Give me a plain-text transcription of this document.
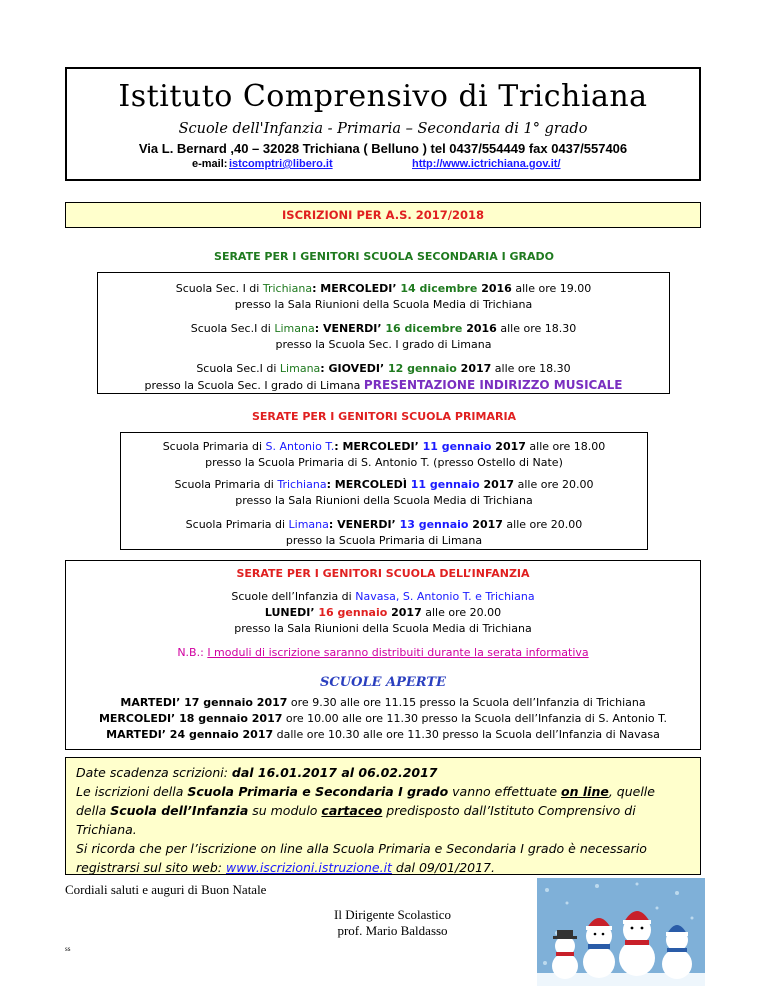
Istituto Comprensivo di Trichiana
Scuole dell'Infanzia - Primaria – Secondaria di 1° grado
Via L. Bernard ,40 – 32028 Trichiana ( Belluno ) tel 0437/554449 fax 0437/557406
e-mail: istcomptri@libero.it	http://www.ictrichiana.gov.it/
ISCRIZIONI PER A.S. 2017/2018
SERATE PER I GENITORI SCUOLA SECONDARIA I GRADO
Scuola Sec. I di Trichiana: MERCOLEDI’ 14 dicembre 2016 alle ore 19.00
presso la Sala Riunioni della Scuola Media di Trichiana
Scuola Sec.I di Limana: VENERDI’ 16 dicembre 2016 alle ore 18.30
presso la Scuola Sec. I grado di Limana
Scuola Sec.I di Limana: GIOVEDI’ 12 gennaio 2017 alle ore 18.30
presso la Scuola Sec. I grado di Limana PRESENTAZIONE INDIRIZZO MUSICALE
SERATE PER I GENITORI SCUOLA PRIMARIA
Scuola Primaria di S. Antonio T.: MERCOLEDI’ 11 gennaio 2017 alle ore 18.00
presso la Scuola Primaria di S. Antonio T. (presso Ostello di Nate)
Scuola Primaria di Trichiana: MERCOLEDÌ 11 gennaio 2017 alle ore 20.00
presso la Sala Riunioni della Scuola Media di Trichiana
Scuola Primaria di Limana: VENERDI’ 13 gennaio 2017 alle ore 20.00
presso la Scuola Primaria di Limana
SERATE PER I GENITORI SCUOLA DELL’INFANZIA
Scuole dell’Infanzia di Navasa, S. Antonio T. e Trichiana
LUNEDI’ 16 gennaio 2017 alle ore 20.00
presso la Sala Riunioni della Scuola Media di Trichiana
N.B.: I moduli di iscrizione saranno distribuiti durante la serata informativa
SCUOLE APERTE
MARTEDI’ 17 gennaio 2017 ore 9.30 alle ore 11.15 presso la Scuola dell’Infanzia di Trichiana
MERCOLEDI’ 18 gennaio 2017 ore 10.00 alle ore 11.30 presso la Scuola dell’Infanzia di S. Antonio T.
MARTEDI’ 24 gennaio 2017 dalle ore 10.30 alle ore 11.30 presso la Scuola dell’Infanzia di Navasa
Date scadenza scrizioni: dal 16.01.2017 al 06.02.2017
Le iscrizioni della Scuola Primaria e Secondaria I grado vanno effettuate on line, quelle
della Scuola dell’Infanzia su modulo cartaceo predisposto dall’Istituto Comprensivo di
Trichiana.
Si ricorda che per l’iscrizione on line alla Scuola Primaria e Secondaria I grado è necessario
registrarsi sul sito web: www.iscrizioni.istruzione.it dal 09/01/2017.
Cordiali saluti e auguri di Buon Natale
Il Dirigente Scolastico
prof. Mario Baldasso
ss
